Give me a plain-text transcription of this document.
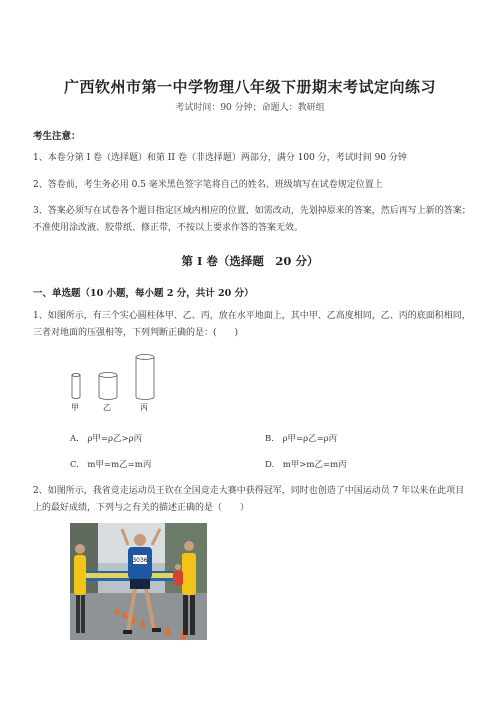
广西钦州市第一中学物理八年级下册期末考试定向练习
考试时间：90 分钟；命题人：教研组
考生注意：
1、本卷分第 I 卷（选择题）和第 II 卷（非选择题）两部分，满分 100 分，考试时间 90 分钟
2、答卷前，考生务必用 0.5 毫米黑色签字笔将自己的姓名、班级填写在试卷规定位置上
3、答案必须写在试卷各个题目指定区域内相应的位置，如需改动，先划掉原来的答案，然后再写上新的答案；不准使用涂改液、胶带纸、修正带，不按以上要求作答的答案无效。
第 I 卷（选择题　20 分）
一、单选题（10 小题，每小题 2 分，共计 20 分）
1、如图所示，有三个实心圆柱体甲、乙、丙，放在水平地面上，其中甲、乙高度相同，乙、丙的底面积相同，三者对地面的压强相等，下列判断正确的是：(　　)
甲	乙	丙
A.　ρ甲=ρ乙>ρ丙	B.　ρ甲=ρ乙=ρ丙
C.　m甲=m乙=m丙	D.　m甲>m乙=m丙
2、如图所示，我省竞走运动员王钦在全国竞走大赛中获得冠军，同时也创造了中国运动员 7 年以来在此项目上的最好成绩，下列与之有关的描述正确的是（　　）
3036
